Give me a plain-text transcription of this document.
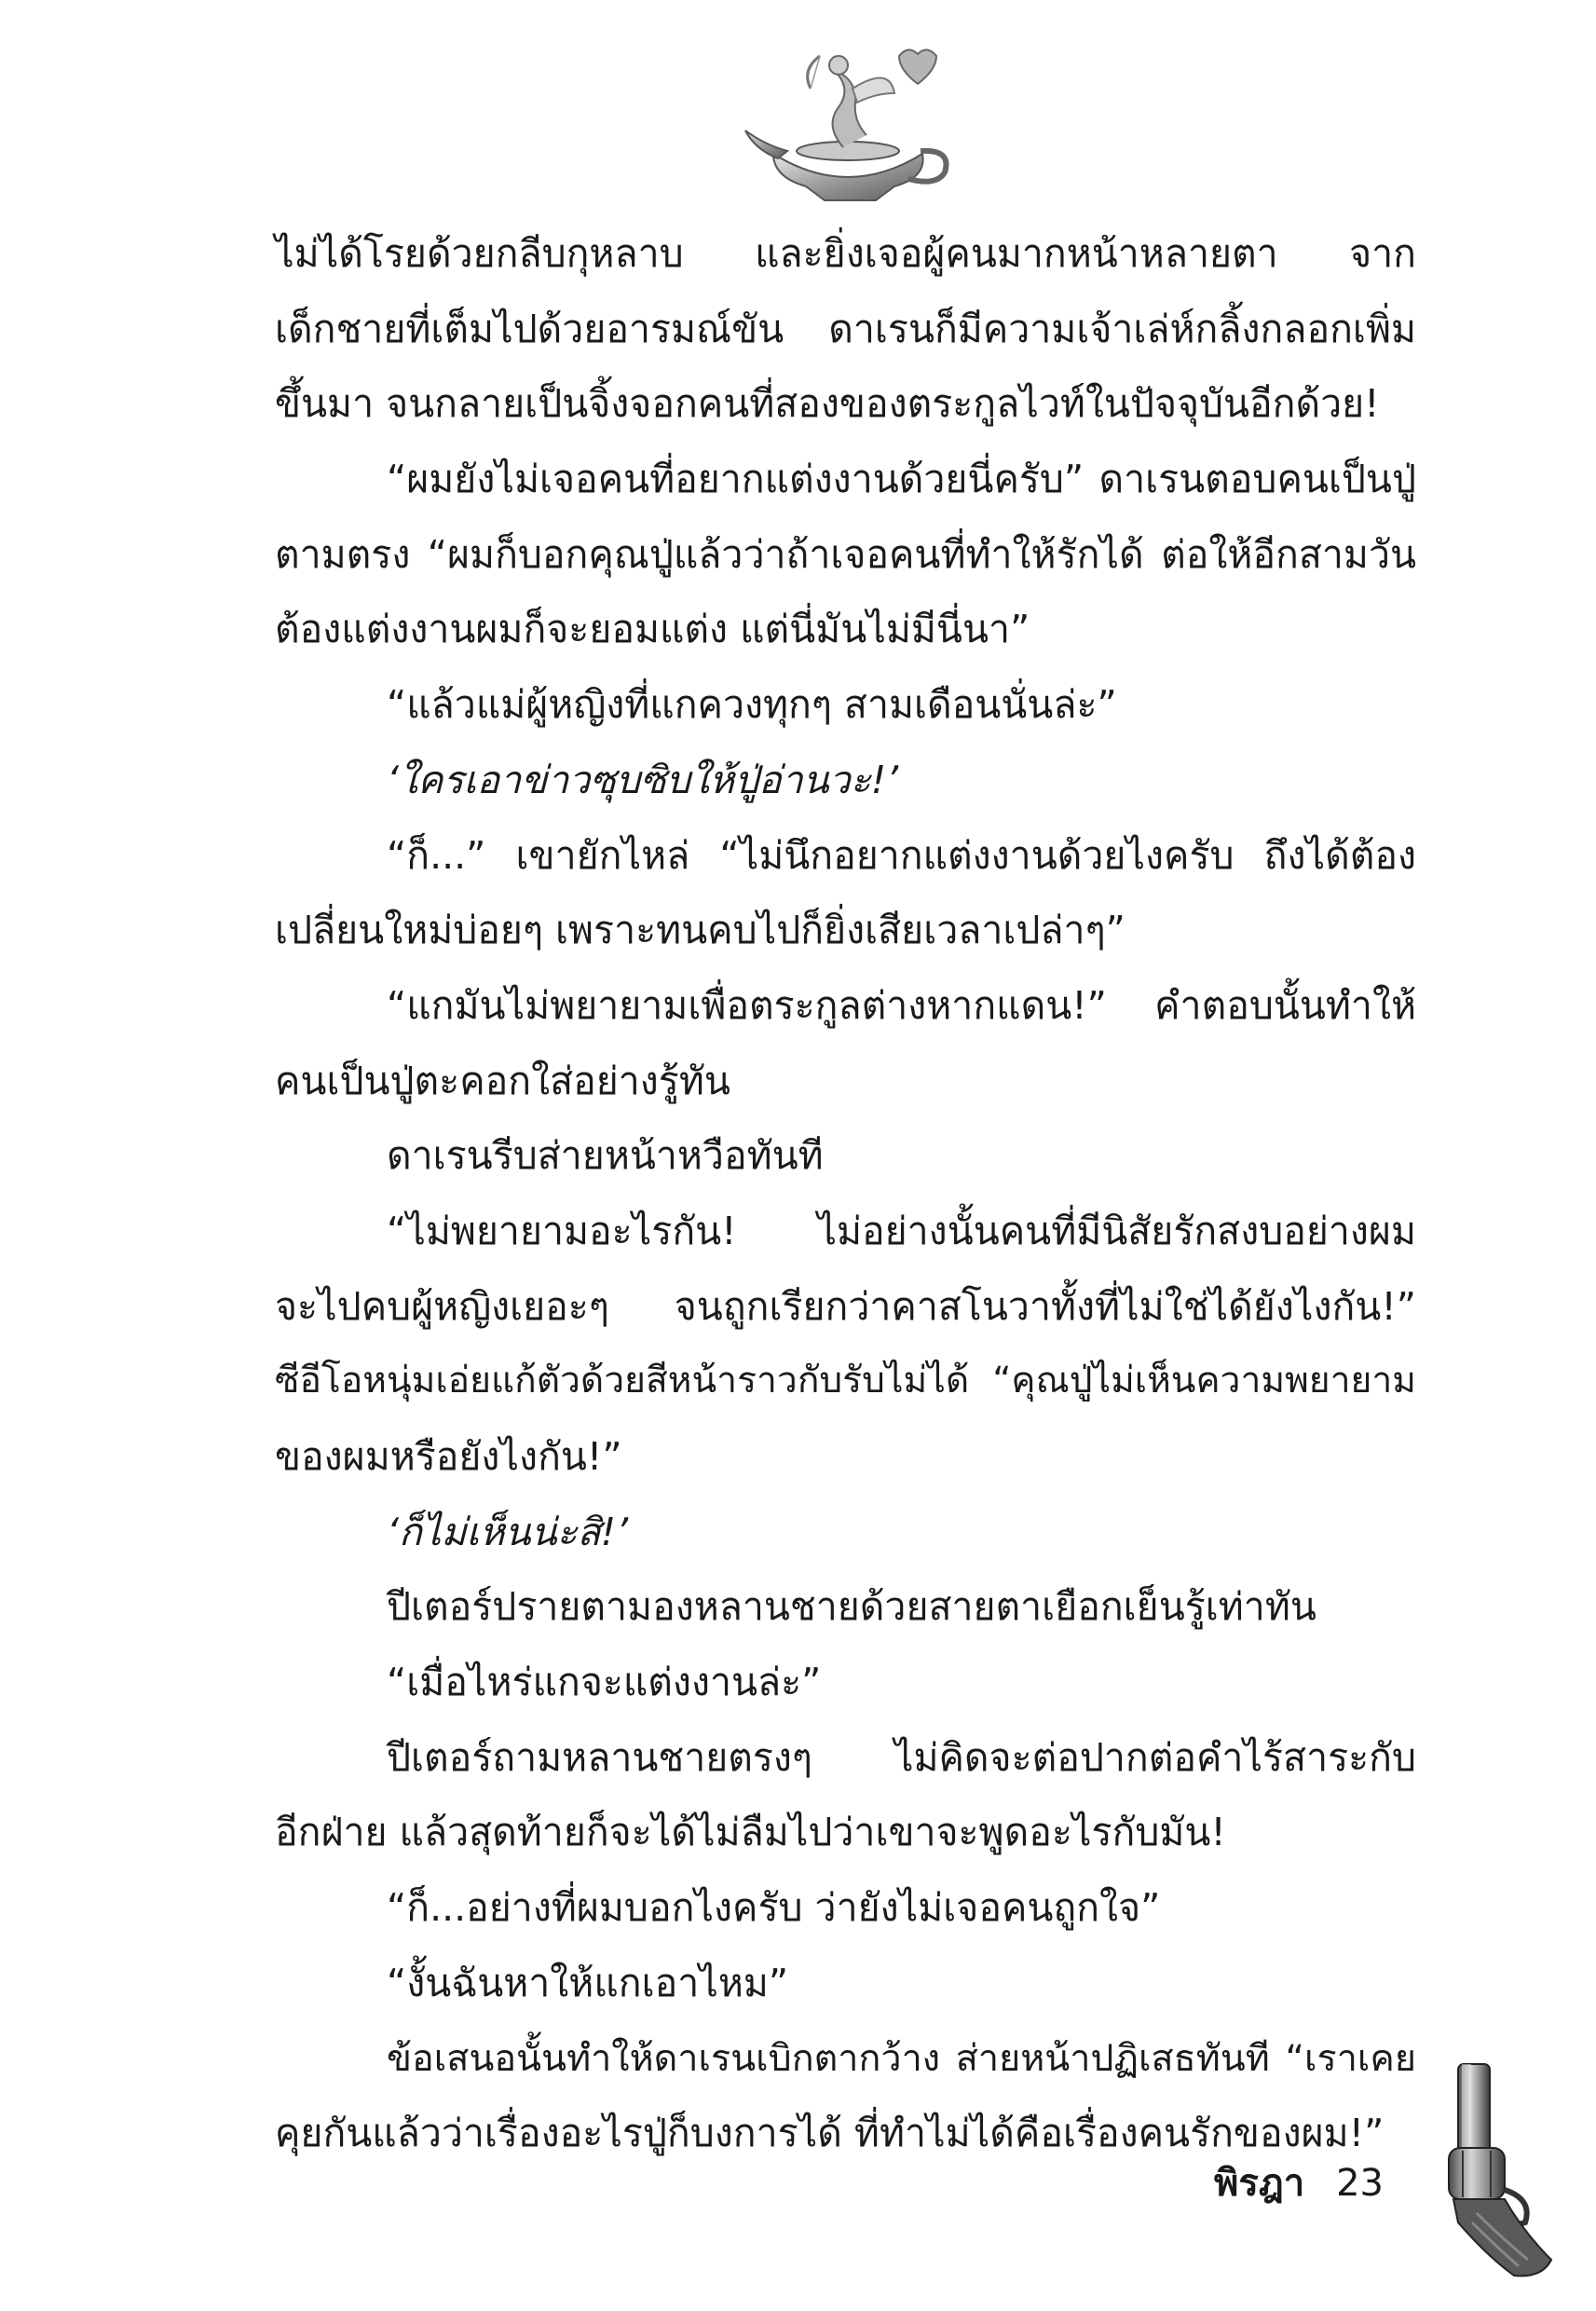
ไม่ได้โรยด้วยกลีบกุหลาบ และยิ่งเจอผู้คนมากหน้าหลายตา จาก
เด็กชายที่เต็มไปด้วยอารมณ์ขัน ดาเรนก็มีความเจ้าเล่ห์กลิ้งกลอกเพิ่ม
ขึ้นมา จนกลายเป็นจิ้งจอกคนที่สองของตระกูลไวท์ในปัจจุบันอีกด้วย!
“ผมยังไม่เจอคนที่อยากแต่งงานด้วยนี่ครับ” ดาเรนตอบคนเป็นปู่
ตามตรง “ผมก็บอกคุณปู่แล้วว่าถ้าเจอคนที่ทำให้รักได้ ต่อให้อีกสามวัน
ต้องแต่งงานผมก็จะยอมแต่ง แต่นี่มันไม่มีนี่นา”
“แล้วแม่ผู้หญิงที่แกควงทุกๆ สามเดือนนั่นล่ะ”
‘ใครเอาข่าวซุบซิบให้ปู่อ่านวะ!’
“ก็...” เขายักไหล่ “ไม่นึกอยากแต่งงานด้วยไงครับ ถึงได้ต้อง
เปลี่ยนใหม่บ่อยๆ เพราะทนคบไปก็ยิ่งเสียเวลาเปล่าๆ”
“แกมันไม่พยายามเพื่อตระกูลต่างหากแดน!” คำตอบนั้นทำให้
คนเป็นปู่ตะคอกใส่อย่างรู้ทัน
ดาเรนรีบส่ายหน้าหวือทันที
“ไม่พยายามอะไรกัน! ไม่อย่างนั้นคนที่มีนิสัยรักสงบอย่างผม
จะไปคบผู้หญิงเยอะๆ จนถูกเรียกว่าคาสโนวาทั้งที่ไม่ใช่ได้ยังไงกัน!”
ซีอีโอหนุ่มเอ่ยแก้ตัวด้วยสีหน้าราวกับรับไม่ได้ “คุณปู่ไม่เห็นความพยายาม
ของผมหรือยังไงกัน!”
‘ก็ไม่เห็นน่ะสิ!’
ปีเตอร์ปรายตามองหลานชายด้วยสายตาเยือกเย็นรู้เท่าทัน
“เมื่อไหร่แกจะแต่งงานล่ะ”
ปีเตอร์ถามหลานชายตรงๆ ไม่คิดจะต่อปากต่อคำไร้สาระกับ
อีกฝ่าย แล้วสุดท้ายก็จะได้ไม่ลืมไปว่าเขาจะพูดอะไรกับมัน!
“ก็...อย่างที่ผมบอกไงครับ ว่ายังไม่เจอคนถูกใจ”
“งั้นฉันหาให้แกเอาไหม”
ข้อเสนอนั้นทำให้ดาเรนเบิกตากว้าง ส่ายหน้าปฏิเสธทันที “เราเคย
คุยกันแล้วว่าเรื่องอะไรปู่ก็บงการได้ ที่ทำไม่ได้คือเรื่องคนรักของผม!”
พิรฎา 23
